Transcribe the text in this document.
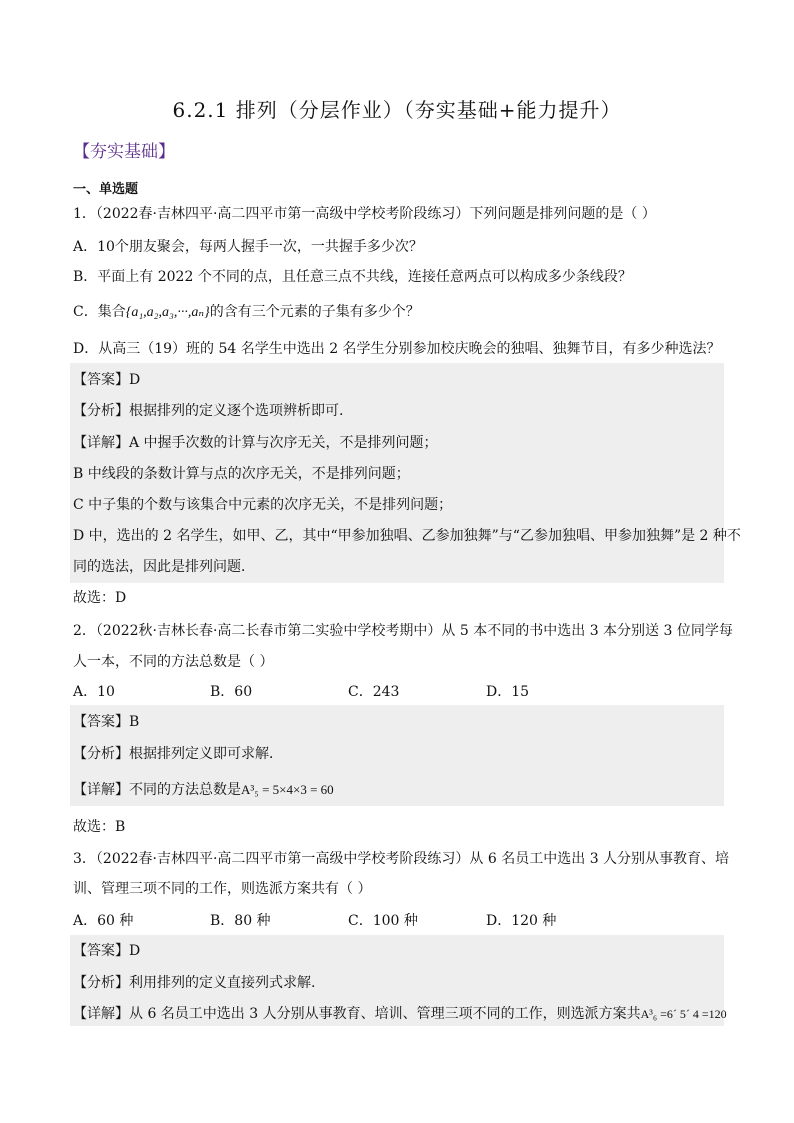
6.2.1 排列（分层作业）（夯实基础+能力提升）
【夯实基础】
一、单选题
1．（2022春·吉林四平·高二四平市第一高级中学校考阶段练习）下列问题是排列问题的是（ ）
A．10个朋友聚会，每两人握手一次，一共握手多少次？
B．平面上有 2022 个不同的点，且任意三点不共线，连接任意两点可以构成多少条线段？
C．集合{a₁,a₂,a₃,···,aₙ}的含有三个元素的子集有多少个？
D．从高三（19）班的 54 名学生中选出 2 名学生分别参加校庆晚会的独唱、独舞节目，有多少种选法？
【答案】D
【分析】根据排列的定义逐个选项辨析即可.
【详解】A 中握手次数的计算与次序无关，不是排列问题；
B 中线段的条数计算与点的次序无关，不是排列问题；
C 中子集的个数与该集合中元素的次序无关，不是排列问题；
D 中，选出的 2 名学生，如甲、乙，其中“甲参加独唱、乙参加独舞”与“乙参加独唱、甲参加独舞”是 2 种不
同的选法，因此是排列问题．
故选：D
2．（2022秋·吉林长春·高二长春市第二实验中学校考期中）从 5 本不同的书中选出 3 本分别送 3 位同学每
人一本，不同的方法总数是（ ）
A．10	B．60	C．243	D．15
【答案】B
【分析】根据排列定义即可求解．
【详解】不同的方法总数是A³₅ = 5×4×3 = 60
故选：B
3．（2022春·吉林四平·高二四平市第一高级中学校考阶段练习）从 6 名员工中选出 3 人分别从事教育、培
训、管理三项不同的工作，则选派方案共有（ ）
A．60 种	B．80 种	C．100 种	D．120 种
【答案】D
【分析】利用排列的定义直接列式求解.
【详解】从 6 名员工中选出 3 人分别从事教育、培训、管理三项不同的工作，则选派方案共A³₆ =6´ 5´ 4 =120
